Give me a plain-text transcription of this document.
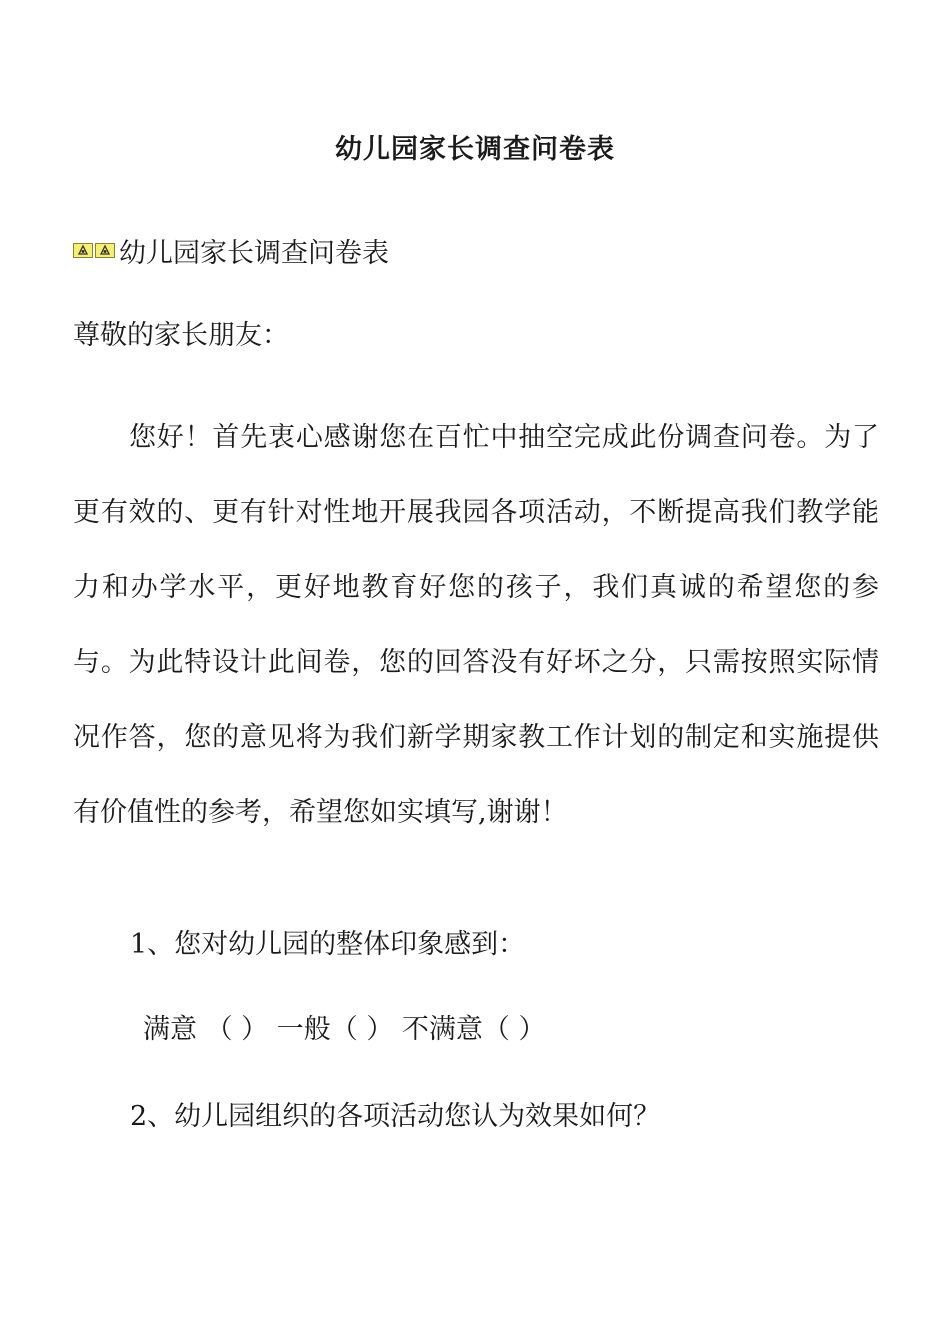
幼儿园家长调查问卷表
幼儿园家长调查问卷表
尊敬的家长朋友：

您好！首先衷心感谢您在百忙中抽空完成此份调查问卷。为了更有效的、更有针对性地开展我园各项活动，不断提高我们教学能力和办学水平，更好地教育好您的孩子，我们真诚的希望您的参与。为此特设计此间卷，您的回答没有好坏之分，只需按照实际情况作答，您的意见将为我们新学期家教工作计划的制定和实施提供有价值性的参考，希望您如实填写,谢谢！

1、您对幼儿园的整体印象感到：
满意 （ ） 一般（ ） 不满意（ ）
2、幼儿园组织的各项活动您认为效果如何？
